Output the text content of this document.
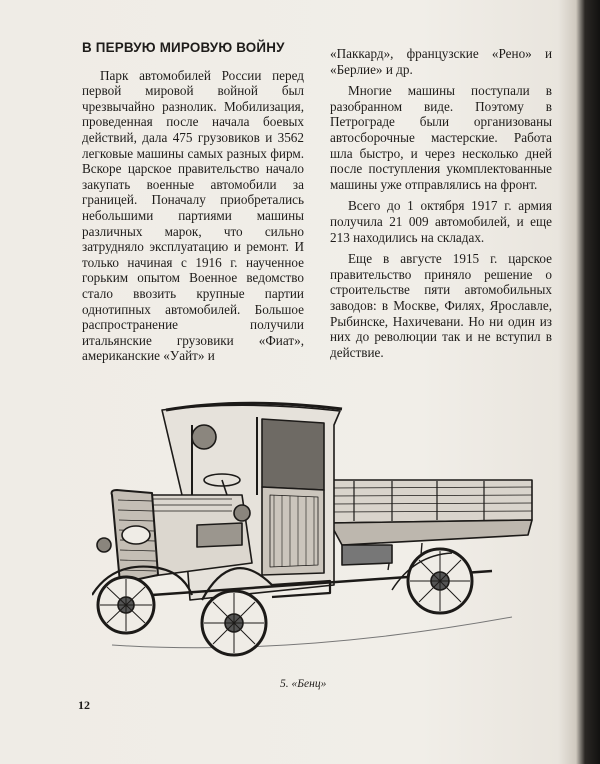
В ПЕРВУЮ МИРОВУЮ ВОЙНУ

Парк автомобилей России перед первой мировой войной был чрезвычайно разнолик. Мобилизация, проведенная после начала боевых действий, дала 475 грузовиков и 3562 легковые машины самых разных фирм. Вскоре царское правительство начало закупать военные автомобили за границей. Поначалу приобретались небольшими партиями машины различных марок, что сильно затрудняло эксплуатацию и ремонт. И только начиная с 1916 г. наученное горьким опытом Военное ведомство стало ввозить крупные партии однотипных автомобилей. Большое распространение получили итальянские грузовики «Фиат», американские «Уайт» и

«Паккард», французские «Рено» и «Берлие» и др.

Многие машины поступали в разобранном виде. Поэтому в Петрограде были организованы автосборочные мастерские. Работа шла быстро, и через несколько дней после поступления укомплектованные машины уже отправлялись на фронт.

Всего до 1 октября 1917 г. армия получила 21 009 автомобилей, и еще 213 находились на складах.

Еще в августе 1915 г. царское правительство приняло решение о строительстве пяти автомобильных заводов: в Москве, Филях, Ярославле, Рыбинске, Нахичевани. Но ни один из них до революции так и не вступил в действие.

5. «Бенц»
12
